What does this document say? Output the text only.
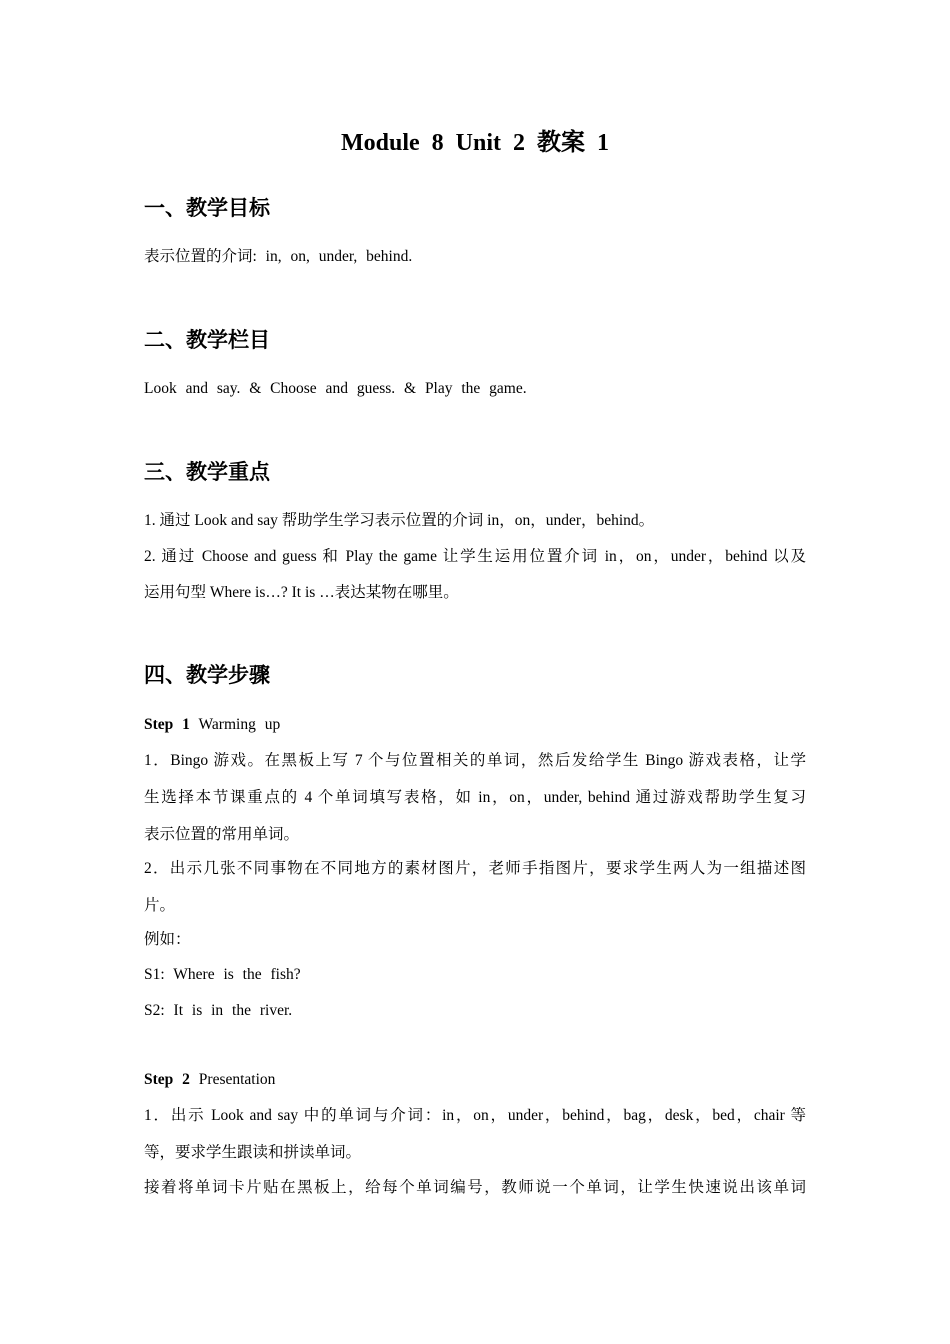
Module 8 Unit 2 教案 1
一、教学目标
表示位置的介词: in, on, under, behind.
二、教学栏目
Look and say. & Choose and guess. & Play the game.
三、教学重点
1. 通过 Look and say 帮助学生学习表示位置的介词 in，on，under，behind。
2. 通过 Choose and guess 和 Play the game 让学生运用位置介词 in，on，under，behind 以及
运用句型 Where is…? It is …表达某物在哪里。
四、教学步骤
Step 1 Warming up
1．Bingo 游戏。在黑板上写 7 个与位置相关的单词，然后发给学生 Bingo 游戏表格，让学
生选择本节课重点的 4 个单词填写表格，如 in，on，under, behind 通过游戏帮助学生复习
表示位置的常用单词。
2．出示几张不同事物在不同地方的素材图片，老师手指图片，要求学生两人为一组描述图
片。
例如：
S1: Where is the fish?
S2: It is in the river.
Step 2 Presentation
1．出示 Look and say 中的单词与介词：in，on，under，behind，bag，desk，bed，chair 等
等，要求学生跟读和拼读单词。
接着将单词卡片贴在黑板上，给每个单词编号，教师说一个单词，让学生快速说出该单词
